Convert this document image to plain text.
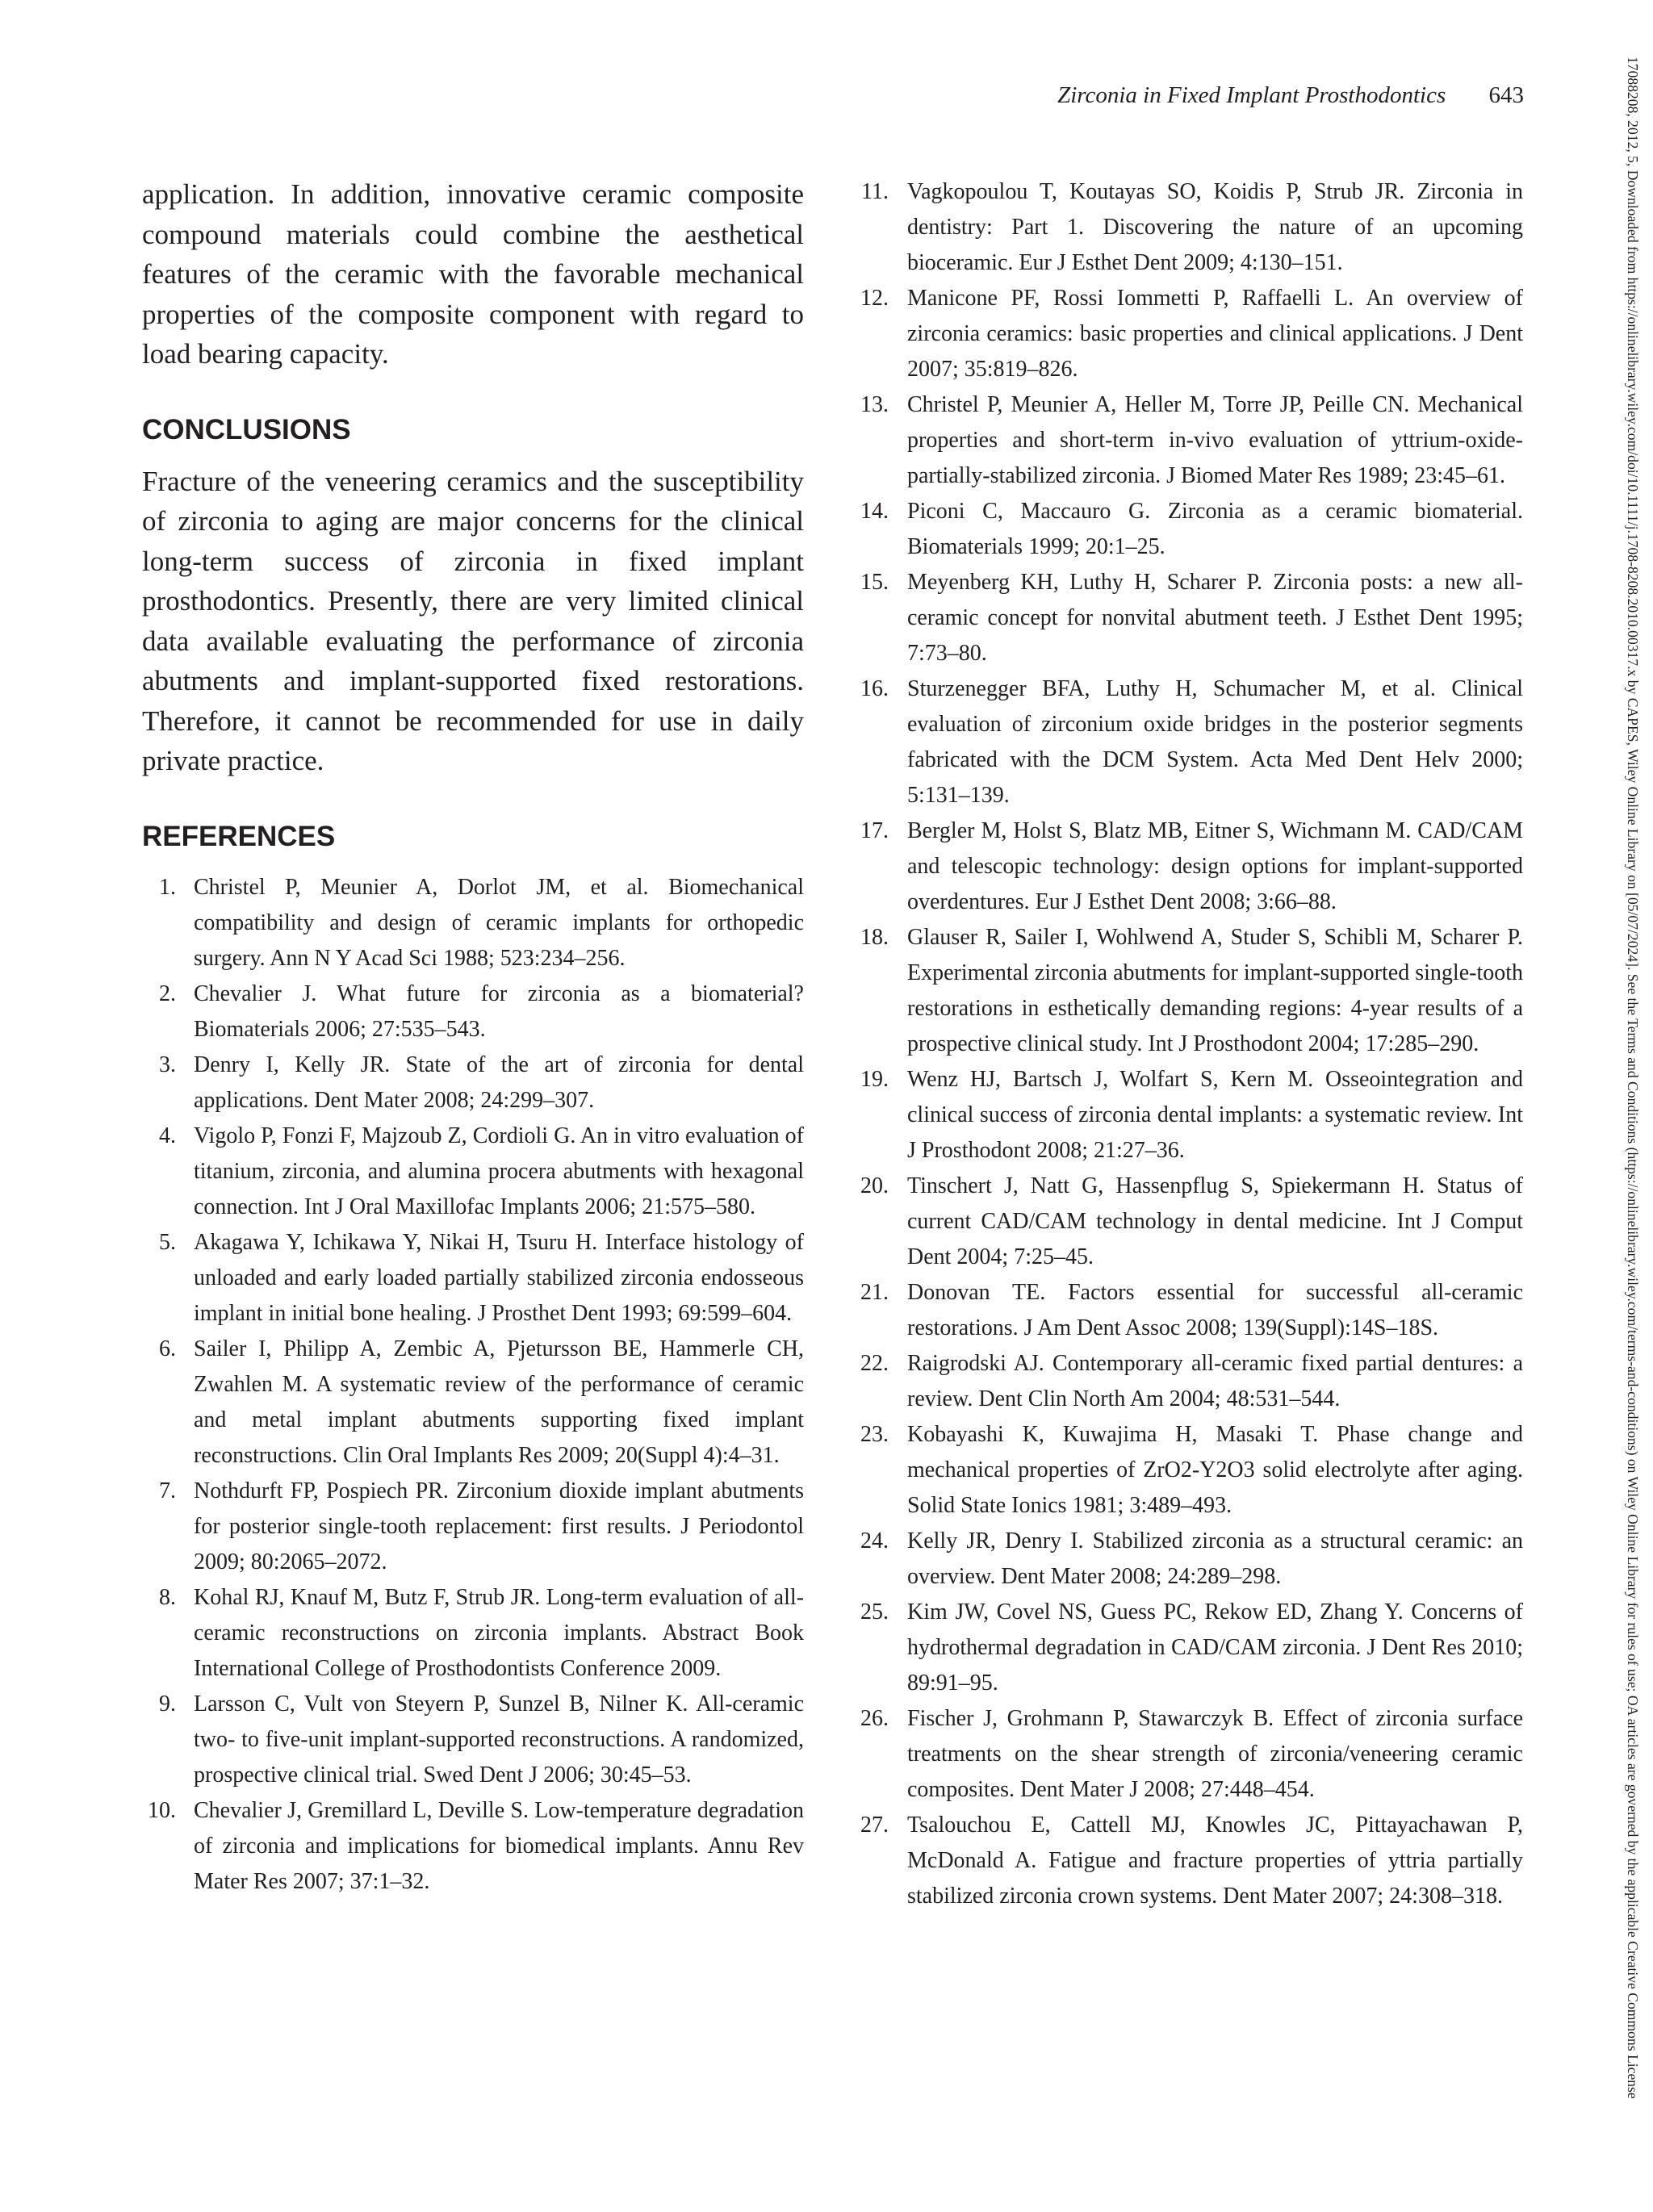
Zirconia in Fixed Implant Prosthodontics 643

application. In addition, innovative ceramic composite compound materials could combine the aesthetical features of the ceramic with the favorable mechanical properties of the composite component with regard to load bearing capacity.

CONCLUSIONS

Fracture of the veneering ceramics and the susceptibility of zirconia to aging are major concerns for the clinical long-term success of zirconia in fixed implant prosthodontics. Presently, there are very limited clinical data available evaluating the performance of zirconia abutments and implant-supported fixed restorations. Therefore, it cannot be recommended for use in daily private practice.

REFERENCES
1. Christel P, Meunier A, Dorlot JM, et al. Biomechanical compatibility and design of ceramic implants for orthopedic surgery. Ann N Y Acad Sci 1988; 523:234–256.
2. Chevalier J. What future for zirconia as a biomaterial? Biomaterials 2006; 27:535–543.
3. Denry I, Kelly JR. State of the art of zirconia for dental applications. Dent Mater 2008; 24:299–307.
4. Vigolo P, Fonzi F, Majzoub Z, Cordioli G. An in vitro evaluation of titanium, zirconia, and alumina procera abutments with hexagonal connection. Int J Oral Maxillofac Implants 2006; 21:575–580.
5. Akagawa Y, Ichikawa Y, Nikai H, Tsuru H. Interface histology of unloaded and early loaded partially stabilized zirconia endosseous implant in initial bone healing. J Prosthet Dent 1993; 69:599–604.
6. Sailer I, Philipp A, Zembic A, Pjetursson BE, Hammerle CH, Zwahlen M. A systematic review of the performance of ceramic and metal implant abutments supporting fixed implant reconstructions. Clin Oral Implants Res 2009; 20(Suppl 4):4–31.
7. Nothdurft FP, Pospiech PR. Zirconium dioxide implant abutments for posterior single-tooth replacement: first results. J Periodontol 2009; 80:2065–2072.
8. Kohal RJ, Knauf M, Butz F, Strub JR. Long-term evaluation of all-ceramic reconstructions on zirconia implants. Abstract Book International College of Prosthodontists Conference 2009.
9. Larsson C, Vult von Steyern P, Sunzel B, Nilner K. All-ceramic two- to five-unit implant-supported reconstructions. A randomized, prospective clinical trial. Swed Dent J 2006; 30:45–53.
10. Chevalier J, Gremillard L, Deville S. Low-temperature degradation of zirconia and implications for biomedical implants. Annu Rev Mater Res 2007; 37:1–32.
11. Vagkopoulou T, Koutayas SO, Koidis P, Strub JR. Zirconia in dentistry: Part 1. Discovering the nature of an upcoming bioceramic. Eur J Esthet Dent 2009; 4:130–151.
12. Manicone PF, Rossi Iommetti P, Raffaelli L. An overview of zirconia ceramics: basic properties and clinical applications. J Dent 2007; 35:819–826.
13. Christel P, Meunier A, Heller M, Torre JP, Peille CN. Mechanical properties and short-term in-vivo evaluation of yttrium-oxide-partially-stabilized zirconia. J Biomed Mater Res 1989; 23:45–61.
14. Piconi C, Maccauro G. Zirconia as a ceramic biomaterial. Biomaterials 1999; 20:1–25.
15. Meyenberg KH, Luthy H, Scharer P. Zirconia posts: a new all-ceramic concept for nonvital abutment teeth. J Esthet Dent 1995; 7:73–80.
16. Sturzenegger BFA, Luthy H, Schumacher M, et al. Clinical evaluation of zirconium oxide bridges in the posterior segments fabricated with the DCM System. Acta Med Dent Helv 2000; 5:131–139.
17. Bergler M, Holst S, Blatz MB, Eitner S, Wichmann M. CAD/CAM and telescopic technology: design options for implant-supported overdentures. Eur J Esthet Dent 2008; 3:66–88.
18. Glauser R, Sailer I, Wohlwend A, Studer S, Schibli M, Scharer P. Experimental zirconia abutments for implant-supported single-tooth restorations in esthetically demanding regions: 4-year results of a prospective clinical study. Int J Prosthodont 2004; 17:285–290.
19. Wenz HJ, Bartsch J, Wolfart S, Kern M. Osseointegration and clinical success of zirconia dental implants: a systematic review. Int J Prosthodont 2008; 21:27–36.
20. Tinschert J, Natt G, Hassenpflug S, Spiekermann H. Status of current CAD/CAM technology in dental medicine. Int J Comput Dent 2004; 7:25–45.
21. Donovan TE. Factors essential for successful all-ceramic restorations. J Am Dent Assoc 2008; 139(Suppl):14S–18S.
22. Raigrodski AJ. Contemporary all-ceramic fixed partial dentures: a review. Dent Clin North Am 2004; 48:531–544.
23. Kobayashi K, Kuwajima H, Masaki T. Phase change and mechanical properties of ZrO2-Y2O3 solid electrolyte after aging. Solid State Ionics 1981; 3:489–493.
24. Kelly JR, Denry I. Stabilized zirconia as a structural ceramic: an overview. Dent Mater 2008; 24:289–298.
25. Kim JW, Covel NS, Guess PC, Rekow ED, Zhang Y. Concerns of hydrothermal degradation in CAD/CAM zirconia. J Dent Res 2010; 89:91–95.
26. Fischer J, Grohmann P, Stawarczyk B. Effect of zirconia surface treatments on the shear strength of zirconia/veneering ceramic composites. Dent Mater J 2008; 27:448–454.
27. Tsalouchou E, Cattell MJ, Knowles JC, Pittayachawan P, McDonald A. Fatigue and fracture properties of yttria partially stabilized zirconia crown systems. Dent Mater 2007; 24:308–318.	17088208, 2012, 5, Downloaded from https://onlinelibrary.wiley.com/doi/10.1111/j.1708-8208.2010.00317.x by CAPES, Wiley Online Library on [05/07/2024]. See the Terms and Conditions (https://onlinelibrary.wiley.com/terms-and-conditions) on Wiley Online Library for rules of use; OA articles are governed by the applicable Creative Commons License
